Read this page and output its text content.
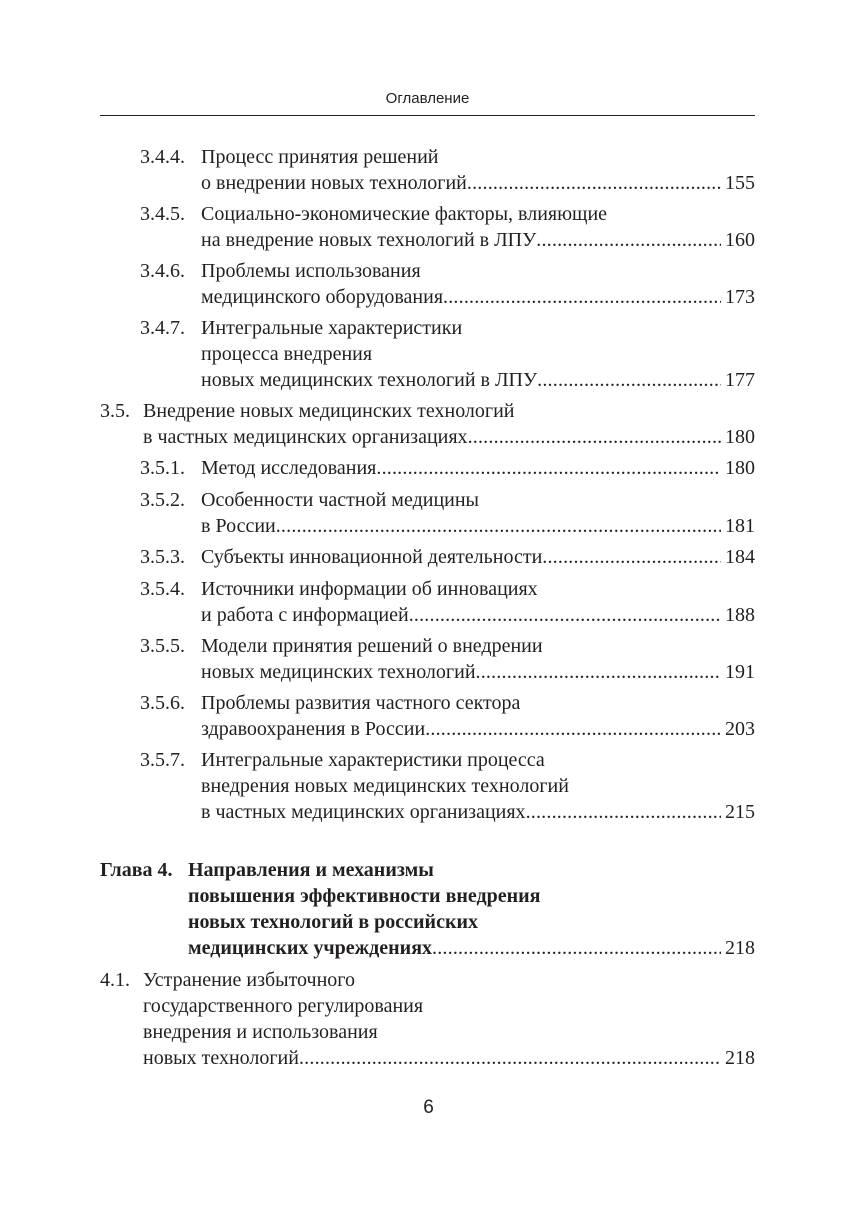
Оглавление
3.4.4. Процесс принятия решений
о внедрении новых технологий . . .	155
3.4.5. Социально-экономические факторы, влияющие
на внедрение новых технологий в ЛПУ . . .	160
3.4.6. Проблемы использования
медицинского оборудования . . .	173
3.4.7. Интегральные характеристики
процесса внедрения
новых медицинских технологий в ЛПУ . . .	177
3.5. Внедрение новых медицинских технологий
в частных медицинских организациях . . .	180
3.5.1. Метод исследования . . .	180
3.5.2. Особенности частной медицины
в России . . .	181
3.5.3. Субъекты инновационной деятельности . . .	184
3.5.4. Источники информации об инновациях
и работа с информацией . . .	188
3.5.5. Модели принятия решений о внедрении
новых медицинских технологий . . .	191
3.5.6. Проблемы развития частного сектора
здравоохранения в России . . .	203
3.5.7. Интегральные характеристики процесса
внедрения новых медицинских технологий
в частных медицинских организациях . . .	215
Глава 4. Направления и механизмы
повышения эффективности внедрения
новых технологий в российских
медицинских учреждениях . . .	218
4.1. Устранение избыточного
государственного регулирования
внедрения и использования
новых технологий . . .	218
6
